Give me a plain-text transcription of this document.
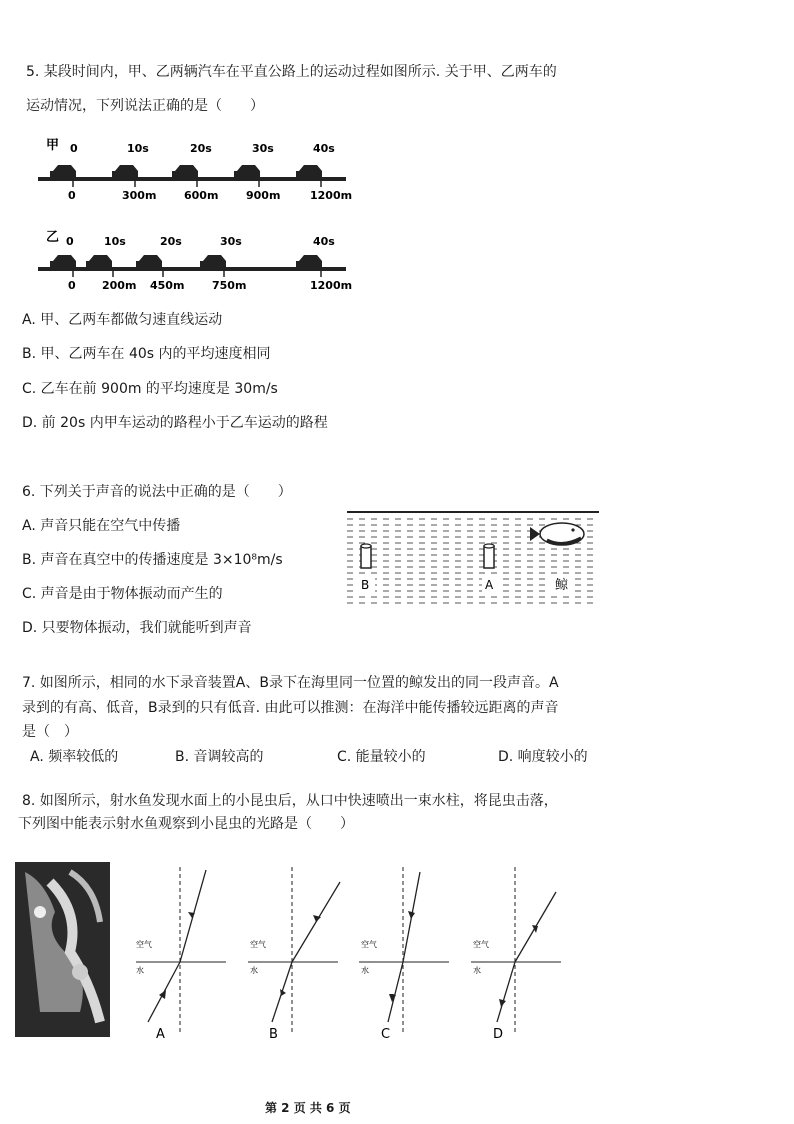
5. 某段时间内，甲、乙两辆汽车在平直公路上的运动过程如图所示. 关于甲、乙两车的
运动情况，下列说法正确的是（　　）
甲 0	10s	20s	30s	40s
0	300m	600m	900m	1200m
乙 0	10s	20s	30s	40s
0 200m 450m	750m	1200m
A. 甲、乙两车都做匀速直线运动
B. 甲、乙两车在 40s 内的平均速度相同
C. 乙车在前 900m 的平均速度是 30m/s
D. 前 20s 内甲车运动的路程小于乙车运动的路程
6. 下列关于声音的说法中正确的是（　　）
A. 声音只能在空气中传播
B. 声音在真空中的传播速度是 3×10⁸m/s
C. 声音是由于物体振动而产生的
D. 只要物体振动，我们就能听到声音
B	A	鲸
7. 如图所示，相同的水下录音装置A、B录下在海里同一位置的鲸发出的同一段声音。A
录到的有高、低音，B录到的只有低音. 由此可以推测：在海洋中能传播较远距离的声音
是（　）
A. 频率较低的	B. 音调较高的	C. 能量较小的	D. 响度较小的
8. 如图所示，射水鱼发现水面上的小昆虫后，从口中快速喷出一束水柱，将昆虫击落，
下列图中能表示射水鱼观察到小昆虫的光路是（　　）
空气
水
A
空气
水
B
空气
水
C
空气
水
D
第 2 页 共 6 页
